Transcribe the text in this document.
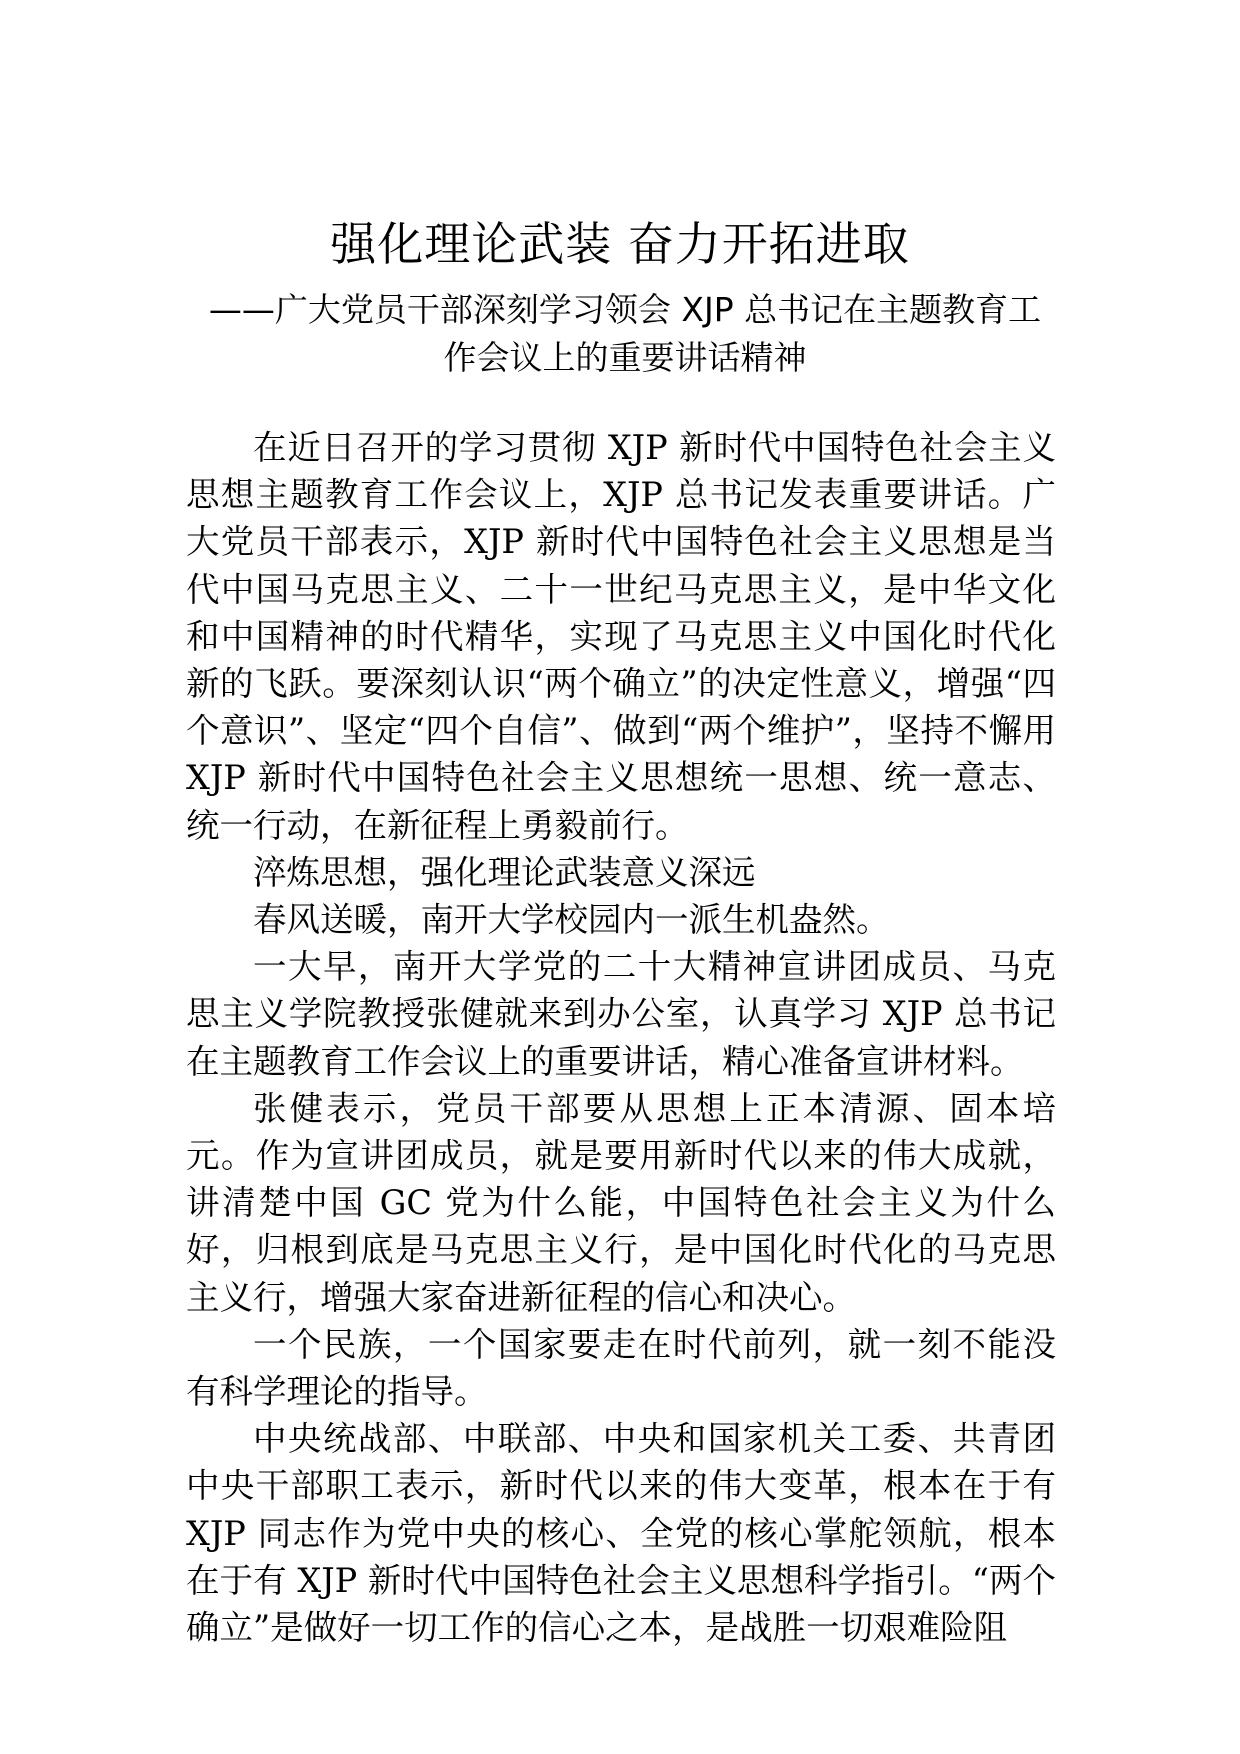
强化理论武装 奋力开拓进取
——广大党员干部深刻学习领会 XJP 总书记在主题教育工作会议上的重要讲话精神

在近日召开的学习贯彻 XJP 新时代中国特色社会主义思想主题教育工作会议上，XJP 总书记发表重要讲话。广大党员干部表示，XJP 新时代中国特色社会主义思想是当代中国马克思主义、二十一世纪马克思主义，是中华文化和中国精神的时代精华，实现了马克思主义中国化时代化新的飞跃。要深刻认识“两个确立”的决定性意义，增强“四个意识”、坚定“四个自信”、做到“两个维护”，坚持不懈用 XJP 新时代中国特色社会主义思想统一思想、统一意志、统一行动，在新征程上勇毅前行。

淬炼思想，强化理论武装意义深远

春风送暖，南开大学校园内一派生机盎然。

一大早，南开大学党的二十大精神宣讲团成员、马克思主义学院教授张健就来到办公室，认真学习 XJP 总书记在主题教育工作会议上的重要讲话，精心准备宣讲材料。

张健表示，党员干部要从思想上正本清源、固本培元。作为宣讲团成员，就是要用新时代以来的伟大成就，讲清楚中国 GC 党为什么能，中国特色社会主义为什么好，归根到底是马克思主义行，是中国化时代化的马克思主义行，增强大家奋进新征程的信心和决心。

一个民族，一个国家要走在时代前列，就一刻不能没有科学理论的指导。

中央统战部、中联部、中央和国家机关工委、共青团中央干部职工表示，新时代以来的伟大变革，根本在于有 XJP 同志作为党中央的核心、全党的核心掌舵领航，根本在于有 XJP 新时代中国特色社会主义思想科学指引。“两个确立”是做好一切工作的信心之本，是战胜一切艰难险阻
